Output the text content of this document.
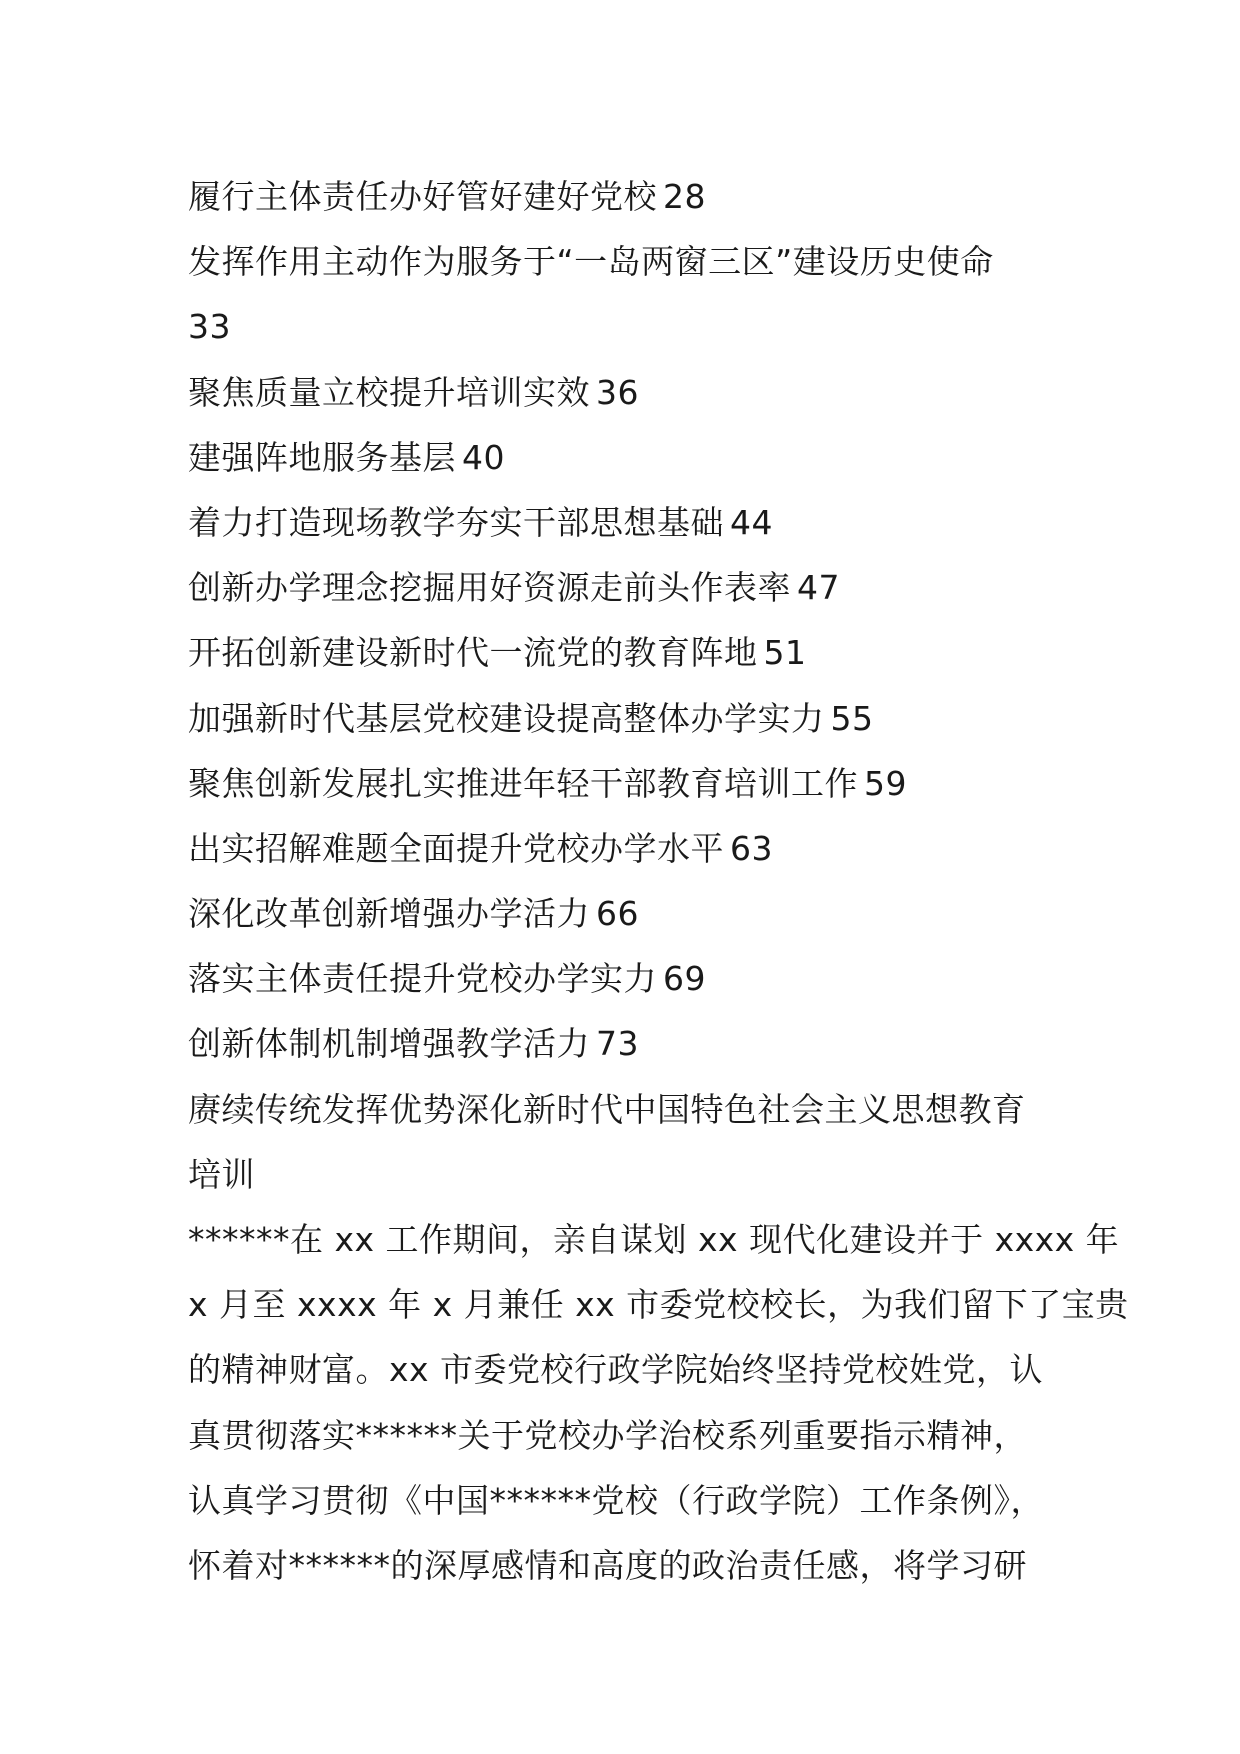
履行主体责任办好管好建好党校 28
发挥作用主动作为服务于“一岛两窗三区”建设历史使命
33
聚焦质量立校提升培训实效 36
建强阵地服务基层 40
着力打造现场教学夯实干部思想基础 44
创新办学理念挖掘用好资源走前头作表率 47
开拓创新建设新时代一流党的教育阵地 51
加强新时代基层党校建设提高整体办学实力 55
聚焦创新发展扎实推进年轻干部教育培训工作 59
出实招解难题全面提升党校办学水平 63
深化改革创新增强办学活力 66
落实主体责任提升党校办学实力 69
创新体制机制增强教学活力 73
赓续传统发挥优势深化新时代中国特色社会主义思想教育
培训
******在 xx 工作期间，亲自谋划 xx 现代化建设并于 xxxx 年
x 月至 xxxx 年 x 月兼任 xx 市委党校校长，为我们留下了宝贵
的精神财富。xx 市委党校行政学院始终坚持党校姓党，认
真贯彻落实******关于党校办学治校系列重要指示精神，
认真学习贯彻《中国******党校（行政学院）工作条例》，
怀着对******的深厚感情和高度的政治责任感，将学习研
